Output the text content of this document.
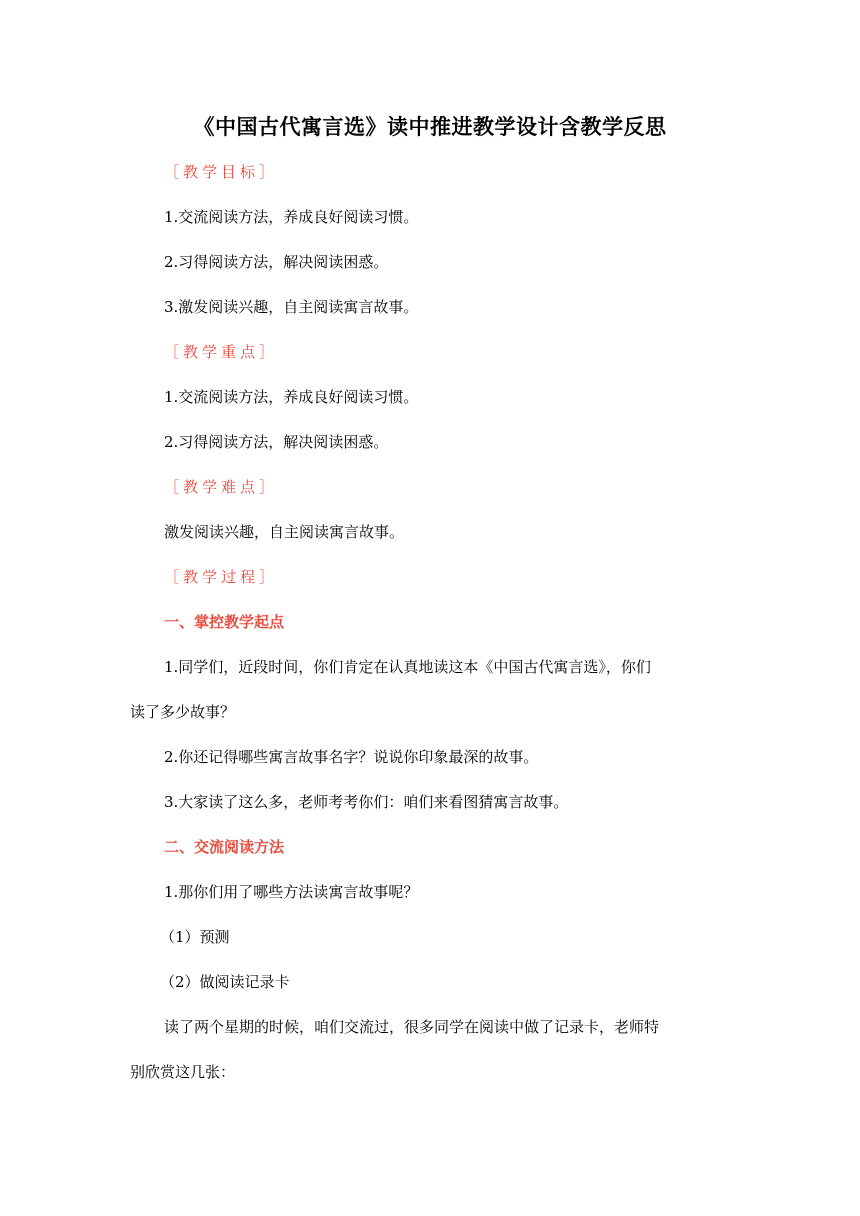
《中国古代寓言选》读中推进教学设计含教学反思
［教学目标］
1.交流阅读方法，养成良好阅读习惯。
2.习得阅读方法，解决阅读困惑。
3.激发阅读兴趣，自主阅读寓言故事。
［教学重点］
1.交流阅读方法，养成良好阅读习惯。
2.习得阅读方法，解决阅读困惑。
［教学难点］
激发阅读兴趣，自主阅读寓言故事。
［教学过程］
一、掌控教学起点
1.同学们，近段时间，你们肯定在认真地读这本《中国古代寓言选》，你们
读了多少故事？
2.你还记得哪些寓言故事名字？说说你印象最深的故事。
3.大家读了这么多，老师考考你们：咱们来看图猜寓言故事。
二、交流阅读方法
1.那你们用了哪些方法读寓言故事呢？
（1）预测
（2）做阅读记录卡
读了两个星期的时候，咱们交流过，很多同学在阅读中做了记录卡，老师特
别欣赏这几张：
